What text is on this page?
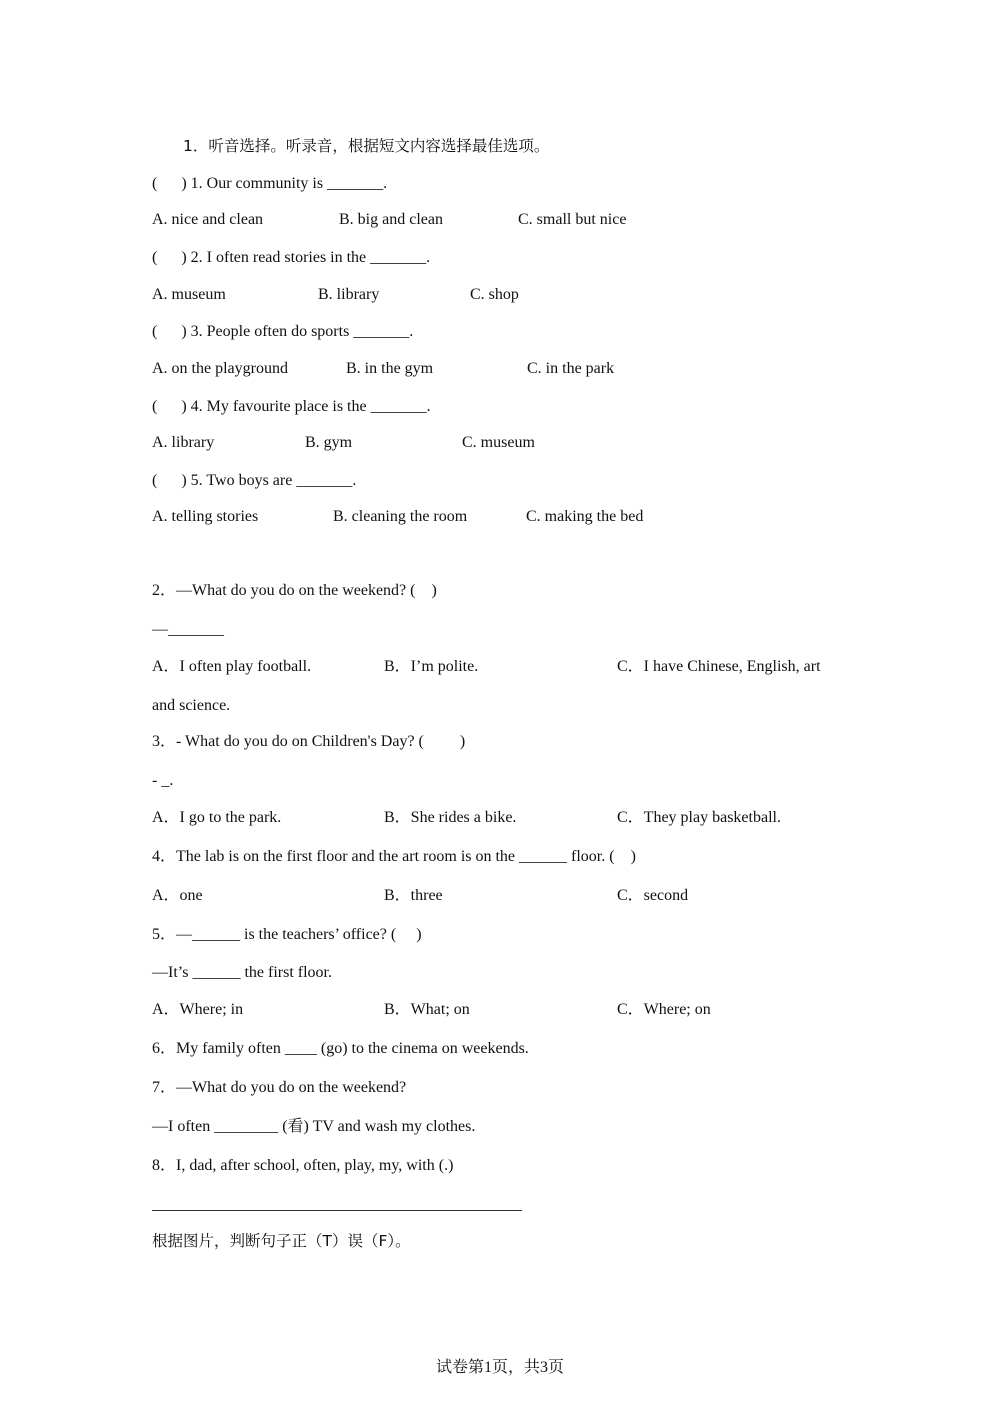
1．听音选择。听录音，根据短文内容选择最佳选项。
(      ) 1. Our community is _______.
A. nice and clean	B. big and clean	C. small but nice
(      ) 2. I often read stories in the _______.
A. museum	B. library	C. shop
(      ) 3. People often do sports _______.
A. on the playground	B. in the gym	C. in the park
(      ) 4. My favourite place is the _______.
A. library	B. gym	C. museum
(      ) 5. Two boys are _______.
A. telling stories	B. cleaning the room	C. making the bed
2．—What do you do on the weekend? (    )
—_______
A．I often play football.	B．I’m polite.	C．I have Chinese, English, art
and science.
3．- What do you do on Children's Day? (         )
- _.
A．I go to the park.	B．She rides a bike.	C．They play basketball.
4．The lab is on the first floor and the art room is on the ______ floor. (    )
A．one	B．three	C．second
5．—______ is the teachers’ office? (     )
—It’s ______ the first floor.
A．Where; in	B．What; on	C．Where; on
6．My family often ____ (go) to the cinema on weekends.
7．—What do you do on the weekend?
—I often ________ (看) TV and wash my clothes.
8．I, dad, after school, often, play, my, with (.)
根据图片，判断句子正（T）误（F）。
试卷第1页，共3页
